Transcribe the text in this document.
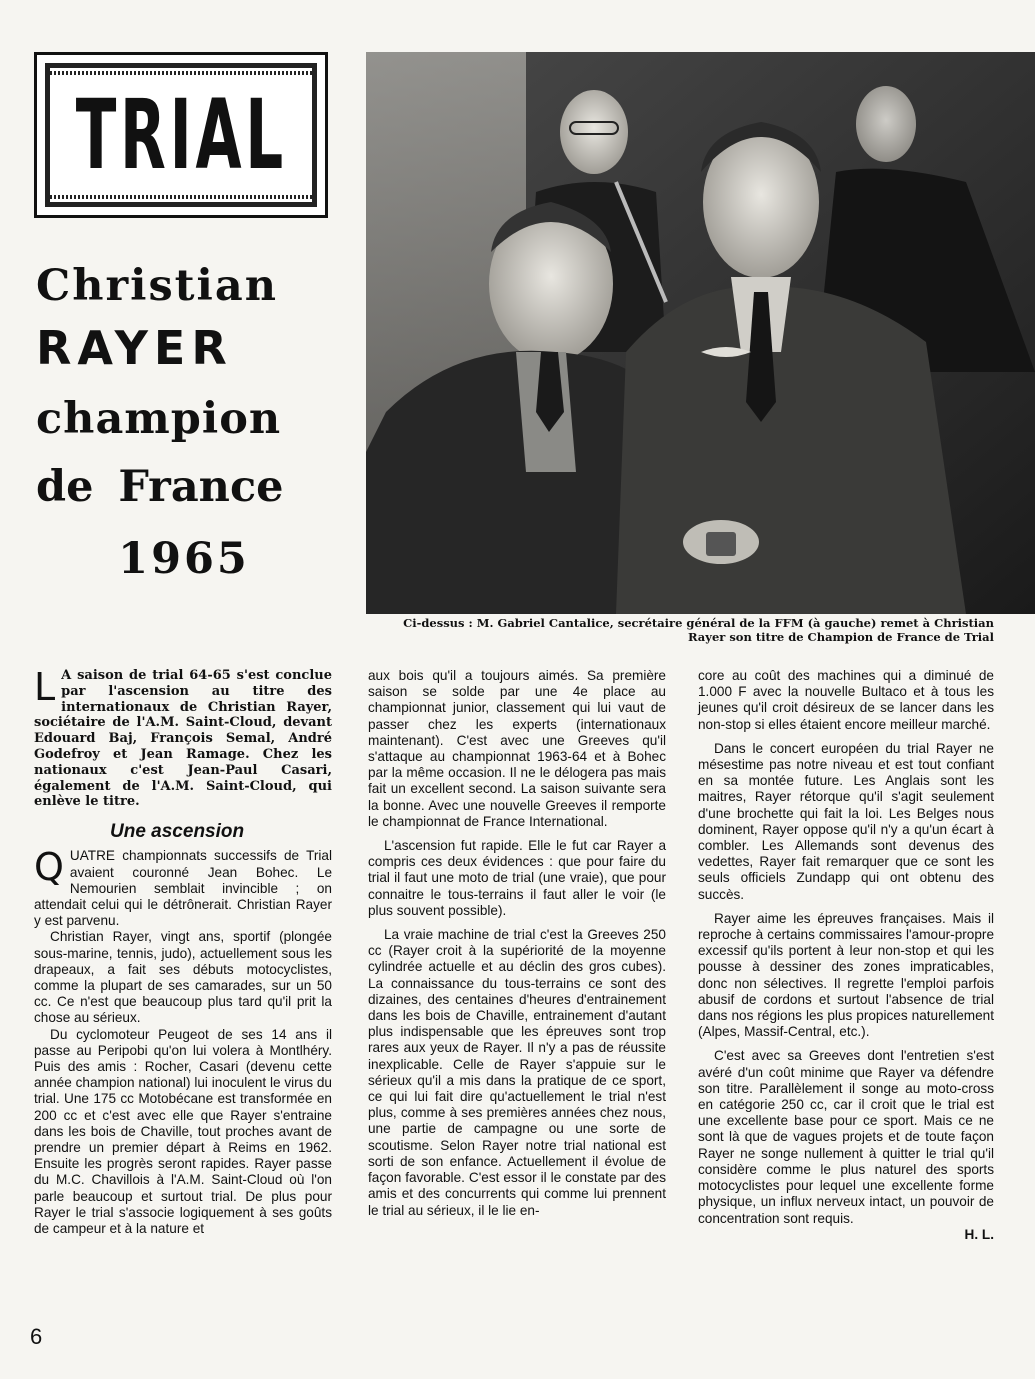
TRIAL
Christian
RAYER
champion
de France
1965
Ci-dessus : M. Gabriel Cantalice, secrétaire général de la FFM (à gauche) remet à Christian Rayer son titre de Champion de France de Trial

L A saison de trial 64-65 s'est conclue par l'ascension au titre des internationaux de Christian Rayer, sociétaire de l'A.M. Saint-Cloud, devant Edouard Baj, François Semal, André Godefroy et Jean Ramage. Chez les nationaux c'est Jean-Paul Casari, également de l'A.M. Saint-Cloud, qui enlève le titre.

Une ascension

Q UATRE championnats successifs de Trial avaient couronné Jean Bohec. Le Nemourien semblait invincible ; on attendait celui qui le détrônerait. Christian Rayer y est parvenu.

Christian Rayer, vingt ans, sportif (plongée sous-marine, tennis, judo), actuellement sous les drapeaux, a fait ses débuts motocyclistes, comme la plupart de ses camarades, sur un 50 cc. Ce n'est que beaucoup plus tard qu'il prit la chose au sérieux.

Du cyclomoteur Peugeot de ses 14 ans il passe au Peripobi qu'on lui volera à Montlhéry. Puis des amis : Rocher, Casari (devenu cette année champion national) lui inoculent le virus du trial. Une 175 cc Motobécane est transformée en 200 cc et c'est avec elle que Rayer s'entraine dans les bois de Chaville, tout proches avant de prendre un premier départ à Reims en 1962. Ensuite les progrès seront rapides. Rayer passe du M.C. Chavillois à l'A.M. Saint-Cloud où l'on parle beaucoup et surtout trial. De plus pour Rayer le trial s'associe logiquement à ses goûts de campeur et à la nature et

aux bois qu'il a toujours aimés. Sa première saison se solde par une 4e place au championnat junior, classement qui lui vaut de passer chez les experts (internationaux maintenant). C'est avec une Greeves qu'il s'attaque au championnat 1963-64 et à Bohec par la même occasion. Il ne le délogera pas mais fait un excellent second. La saison suivante sera la bonne. Avec une nouvelle Greeves il remporte le championnat de France International.

L'ascension fut rapide. Elle le fut car Rayer a compris ces deux évidences : que pour faire du trial il faut une moto de trial (une vraie), que pour connaitre le tous-terrains il faut aller le voir (le plus souvent possible).

La vraie machine de trial c'est la Greeves 250 cc (Rayer croit à la supériorité de la moyenne cylindrée actuelle et au déclin des gros cubes). La connaissance du tous-terrains ce sont des dizaines, des centaines d'heures d'entrainement dans les bois de Chaville, entrainement d'autant plus indispensable que les épreuves sont trop rares aux yeux de Rayer. Il n'y a pas de réussite inexplicable. Celle de Rayer s'appuie sur le sérieux qu'il a mis dans la pratique de ce sport, ce qui lui fait dire qu'actuellement le trial n'est plus, comme à ses premières années chez nous, une partie de campagne ou une sorte de scoutisme. Selon Rayer notre trial national est sorti de son enfance. Actuellement il évolue de façon favorable. C'est essor il le constate par des amis et des concurrents qui comme lui prennent le trial au sérieux, il le lie en-

core au coût des machines qui a diminué de 1.000 F avec la nouvelle Bultaco et à tous les jeunes qu'il croit désireux de se lancer dans les non-stop si elles étaient encore meilleur marché.

Dans le concert européen du trial Rayer ne mésestime pas notre niveau et est tout confiant en sa montée future. Les Anglais sont les maitres, Rayer rétorque qu'il s'agit seulement d'une brochette qui fait la loi. Les Belges nous dominent, Rayer oppose qu'il n'y a qu'un écart à combler. Les Allemands sont devenus des vedettes, Rayer fait remarquer que ce sont les seuls officiels Zundapp qui ont obtenu des succès.

Rayer aime les épreuves françaises. Mais il reproche à certains commissaires l'amour-propre excessif qu'ils portent à leur non-stop et qui les pousse à dessiner des zones impraticables, donc non sélectives. Il regrette l'emploi parfois abusif de cordons et surtout l'absence de trial dans nos régions les plus propices naturellement (Alpes, Massif-Central, etc.).

C'est avec sa Greeves dont l'entretien s'est avéré d'un coût minime que Rayer va défendre son titre. Parallèlement il songe au moto-cross en catégorie 250 cc, car il croit que le trial est une excellente base pour ce sport. Mais ce ne sont là que de vagues projets et de toute façon Rayer ne songe nullement à quitter le trial qu'il considère comme le plus naturel des sports motocyclistes pour lequel une excellente forme physique, un influx nerveux intact, un pouvoir de concentration sont requis.

H. L.

6
